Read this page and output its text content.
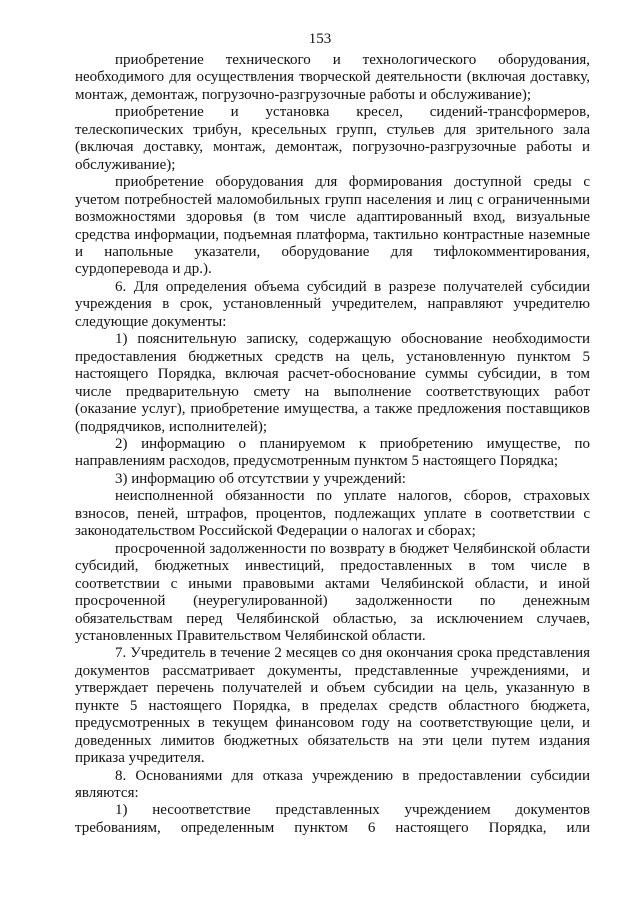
153

приобретение технического и технологического оборудования, необходимого для осуществления творческой деятельности (включая доставку, монтаж, демонтаж, погрузочно-разгрузочные работы и обслуживание);

приобретение и установка кресел, сидений-трансформеров, телескопических трибун, кресельных групп, стульев для зрительного зала (включая доставку, монтаж, демонтаж, погрузочно-разгрузочные работы и обслуживание);

приобретение оборудования для формирования доступной среды с учетом потребностей маломобильных групп населения и лиц с ограниченными возможностями здоровья (в том числе адаптированный вход, визуальные средства информации, подъемная платформа, тактильно контрастные наземные и напольные указатели, оборудование для тифлокомментирования, сурдоперевода и др.).

6. Для определения объема субсидий в разрезе получателей субсидии учреждения в срок, установленный учредителем, направляют учредителю следующие документы:

1) пояснительную записку, содержащую обоснование необходимости предоставления бюджетных средств на цель, установленную пунктом 5 настоящего Порядка, включая расчет-обоснование суммы субсидии, в том числе предварительную смету на выполнение соответствующих работ (оказание услуг), приобретение имущества, а также предложения поставщиков (подрядчиков, исполнителей);

2) информацию о планируемом к приобретению имуществе, по направлениям расходов, предусмотренным пунктом 5 настоящего Порядка;

3) информацию об отсутствии у учреждений:

неисполненной обязанности по уплате налогов, сборов, страховых взносов, пеней, штрафов, процентов, подлежащих уплате в соответствии с законодательством Российской Федерации о налогах и сборах;

просроченной задолженности по возврату в бюджет Челябинской области субсидий, бюджетных инвестиций, предоставленных в том числе в соответствии с иными правовыми актами Челябинской области, и иной просроченной (неурегулированной) задолженности по денежным обязательствам перед Челябинской областью, за исключением случаев, установленных Правительством Челябинской области.

7. Учредитель в течение 2 месяцев со дня окончания срока представления документов рассматривает документы, представленные учреждениями, и утверждает перечень получателей и объем субсидии на цель, указанную в пункте 5 настоящего Порядка, в пределах средств областного бюджета, предусмотренных в текущем финансовом году на соответствующие цели, и доведенных лимитов бюджетных обязательств на эти цели путем издания приказа учредителя.

8. Основаниями для отказа учреждению в предоставлении субсидии являются:

1) несоответствие представленных учреждением документов требованиям, определенным пунктом 6 настоящего Порядка, или
